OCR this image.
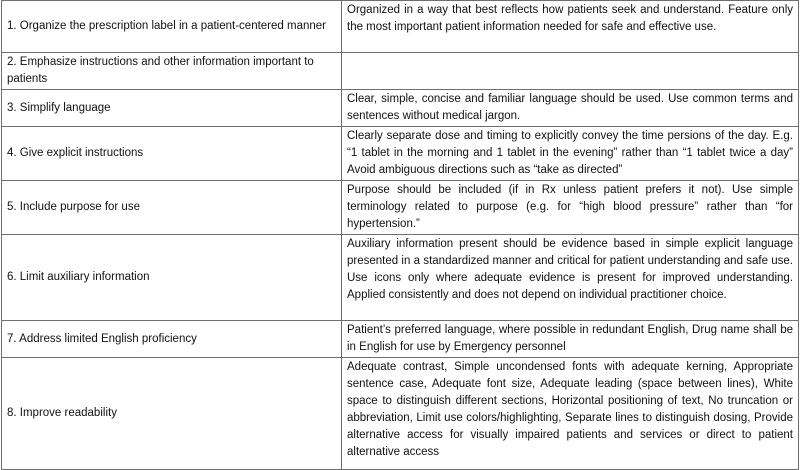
1. Organize the prescription label in a patient-centered manner	Organized in a way that best reflects how patients seek and understand. Feature only the most important patient information needed for safe and effective use.
2. Emphasize instructions and other information important to patients	
3. Simplify language	Clear, simple, concise and familiar language should be used. Use common terms and sentences without medical jargon.
4. Give explicit instructions	Clearly separate dose and timing to explicitly convey the time persions of the day. E.g. “1 tablet in the morning and 1 tablet in the evening” rather than “1 tablet twice a day” Avoid ambiguous directions such as “take as directed”
5. Include purpose for use	Purpose should be included (if in Rx unless patient prefers it not). Use simple terminology related to purpose (e.g. for “high blood pressure” rather than “for hypertension.”
6. Limit auxiliary information	Auxiliary information present should be evidence based in simple explicit language presented in a standardized manner and critical for patient understanding and safe use. Use icons only where adequate evidence is present for improved understanding. Applied consistently and does not depend on individual practitioner choice.
7. Address limited English proficiency	Patient’s preferred language, where possible in redundant English, Drug name shall be in English for use by Emergency personnel
8. Improve readability	Adequate contrast, Simple uncondensed fonts with adequate kerning, Appropriate sentence case, Adequate font size, Adequate leading (space between lines), White space to distinguish different sections, Horizontal positioning of text, No truncation or abbreviation, Limit use colors/highlighting, Separate lines to distinguish dosing, Provide alternative access for visually impaired patients and services or direct to patient alternative access
